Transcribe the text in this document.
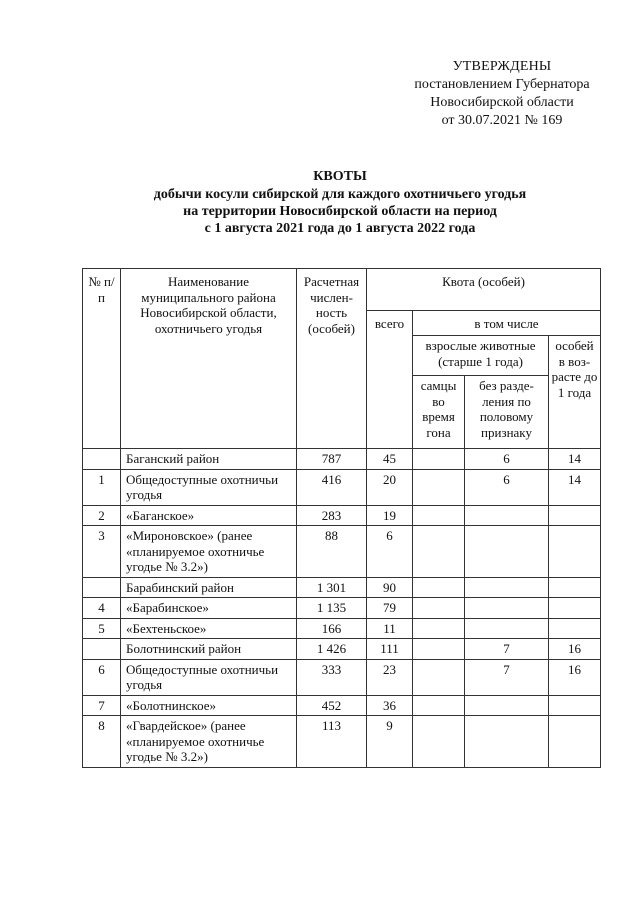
УТВЕРЖДЕНЫ
постановлением Губернатора
Новосибирской области
от 30.07.2021 № 169
КВОТЫ
добычи косули сибирской для каждого охотничьего угодья
на территории Новосибирской области на период
с 1 августа 2021 года до 1 августа 2022 года
№ п/п	Наименование муниципального района Новосибирской области, охотничьего угодья	Расчетная числен-ность (особей)	Квота (особей)			
			всего	в том числе		
				взрослые животные (старше 1 года)		особей в воз-расте до 1 года
				самцы во время гона	без разде-ления по половому признаку	
	Баганский район	787	45		6	14
1	Общедоступные охотничьи угодья	416	20		6	14
2	«Баганское»	283	19			
3	«Мироновское» (ранее «планируемое охотничье угодье № 3.2»)	88	6			
	Барабинский район	1 301	90			
4	«Барабинское»	1 135	79			
5	«Бехтеньское»	166	11			
	Болотнинский район	1 426	111		7	16
6	Общедоступные охотничьи угодья	333	23		7	16
7	«Болотнинское»	452	36			
8	«Гвардейское» (ранее «планируемое охотничье угодье № 3.2»)	113	9			
